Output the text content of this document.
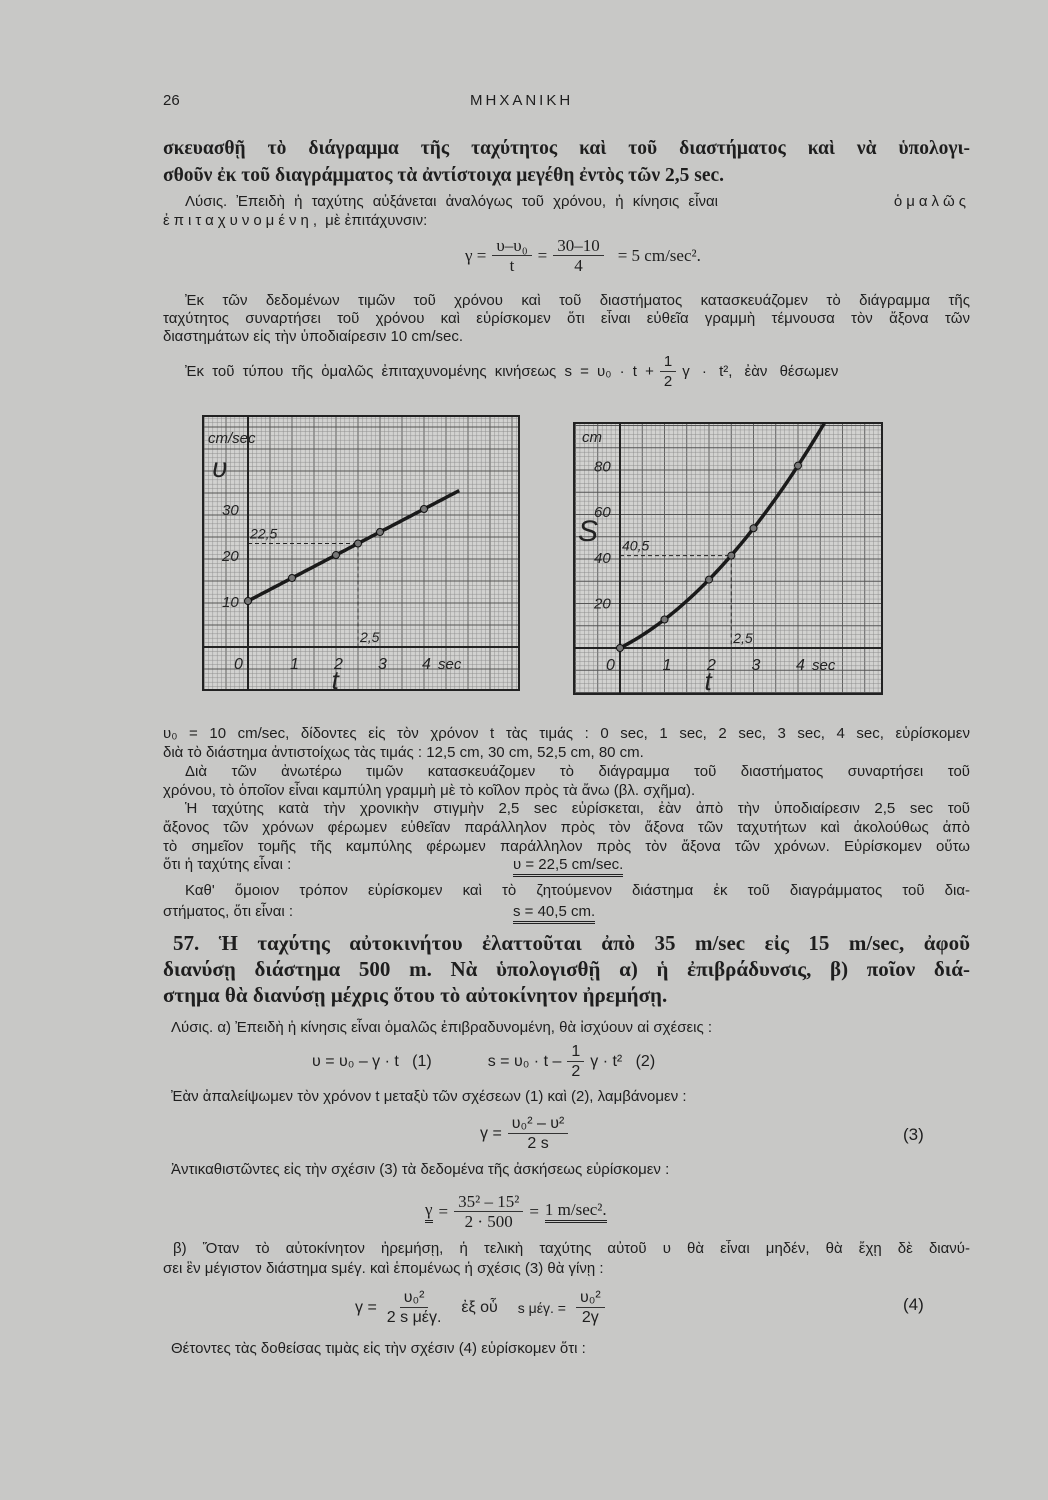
26	ΜΗΧΑΝΙΚΗ
σκευασθῇ τὸ διάγραμμα τῆς ταχύτητος καὶ τοῦ διαστήματος καὶ νὰ ὑπολογι-
σθοῦν ἐκ τοῦ διαγράμματος τὰ ἀντίστοιχα μεγέθη ἐντὸς τῶν 2,5 sec.
Λύσις. Ἐπειδὴ ἡ ταχύτης αὐξάνεται ἀναλόγως τοῦ χρόνου, ἡ κίνησις εἶναι	ὁμαλῶς
ἐπιταχυνομένη, μὲ ἐπιτάχυνσιν:
$\gamma = \frac{\text{υ–υ₀}}{t} = \frac{30-10}{4} = 5$ cm/sec².
Ἐκ τῶν δεδομένων τιμῶν τοῦ χρόνου καὶ τοῦ διαστήματος κατασκευάζομεν τὸ διάγραμμα τῆς
ταχύτητος συναρτήσει τοῦ χρόνου καὶ εὑρίσκομεν ὅτι εἶναι εὐθεῖα γραμμὴ τέμνουσα τὸν ἄξονα τῶν
διαστημάτων εἰς τὴν ὑποδιαίρεσιν 10 cm/sec.
Ἐκ τοῦ τύπου τῆς ὁμαλῶς ἐπιταχυνομένης κινήσεως $s = \upsilon_0 \cdot t + \frac{1}{2}$ γ · t², ἐὰν θέσωμεν
0	1 2 3 4 sec
t
10
20
30
cm/sec
υ
22,5
2,5
0	1 2 3 4 sec
t
20
40
60
80
cm
S 40,5
2,5
υ₀ = 10 cm/sec, δίδοντες εἰς τὸν χρόνον t τὰς τιμάς : 0 sec, 1 sec, 2 sec, 3 sec, 4 sec, εὑρίσκομεν
διὰ τὸ διάστημα ἀντιστοίχως τὰς τιμάς : 12,5 cm, 30 cm, 52,5 cm, 80 cm.
Διὰ τῶν ἀνωτέρω τιμῶν κατασκευάζομεν τὸ διάγραμμα τοῦ διαστήματος συναρτήσει τοῦ
χρόνου, τὸ ὁποῖον εἶναι καμπύλη γραμμὴ μὲ τὸ κοῖλον πρὸς τὰ ἄνω (βλ. σχῆμα).
Ἡ ταχύτης κατὰ τὴν χρονικὴν στιγμὴν 2,5 sec εὑρίσκεται, ἐὰν ἀπὸ τὴν ὑποδιαίρεσιν 2,5 sec τοῦ
ἄξονος τῶν χρόνων φέρωμεν εὐθεῖαν παράλληλον πρὸς τὸν ἄξονα τῶν ταχυτήτων καὶ ἀκολούθως ἀπὸ
τὸ σημεῖον τομῆς τῆς καμπύλης φέρωμεν παράλληλον πρὸς τὸν ἄξονα τῶν χρόνων. Εὑρίσκομεν οὕτω
ὅτι ἡ ταχύτης εἶναι :	υ = 22,5 cm/sec.
Καθ' ὅμοιον τρόπον εὑρίσκομεν καὶ τὸ ζητούμενον διάστημα ἐκ τοῦ διαγράμματος τοῦ δια-
στήματος, ὅτι εἶναι :	s = 40,5 cm.
57. Ἡ ταχύτης αὐτοκινήτου ἐλαττοῦται ἀπὸ 35 m/sec εἰς 15 m/sec, ἀφοῦ
διανύσῃ διάστημα 500 m. Νὰ ὑπολογισθῇ α) ἡ ἐπιβράδυνσις, β) ποῖον διά-
στημα θὰ διανύσῃ μέχρις ὅτου τὸ αὐτοκίνητον ἠρεμήσῃ.
Λύσις. α) Ἐπειδὴ ἡ κίνησις εἶναι ὁμαλῶς ἐπιβραδυνομένη, θὰ ἰσχύουν αἱ σχέσεις :
υ = υ₀ – γ · t   (1)	$s = \upsilon_0 \cdot t - \frac{1}{2}$ γ · t²   (2)
Ἐὰν ἀπαλείψωμεν τὸν χρόνον t μεταξὺ τῶν σχέσεων (1) καὶ (2), λαμβάνομεν :
$\gamma = \frac{\text{υ₀² – υ²}}{2 s}$	(3)
Ἀντικαθιστῶντες εἰς τὴν σχέσιν (3) τὰ δεδομένα τῆς ἀσκήσεως εὑρίσκομεν :
$\gamma = \frac{\text{35² – 15²}}{2 \cdot 500} = 1$ m/sec².
β) Ὅταν τὸ αὐτοκίνητον ἠρεμήσῃ, ἡ τελικὴ ταχύτης αὐτοῦ υ θὰ εἶναι μηδέν, θὰ ἔχῃ δὲ διανύ-
σει ἓν μέγιστον διάστημα sμέγ. καὶ ἑπομένως ἡ σχέσις (3) θὰ γίνῃ :
γ =
υ₀²
2 s μέγ.
ἐξ οὗ s μέγ. = $\frac{\text{υ₀²}}{2\gamma}$	(4)
Θέτοντες τὰς δοθείσας τιμὰς εἰς τὴν σχέσιν (4) εὑρίσκομεν ὅτι :
